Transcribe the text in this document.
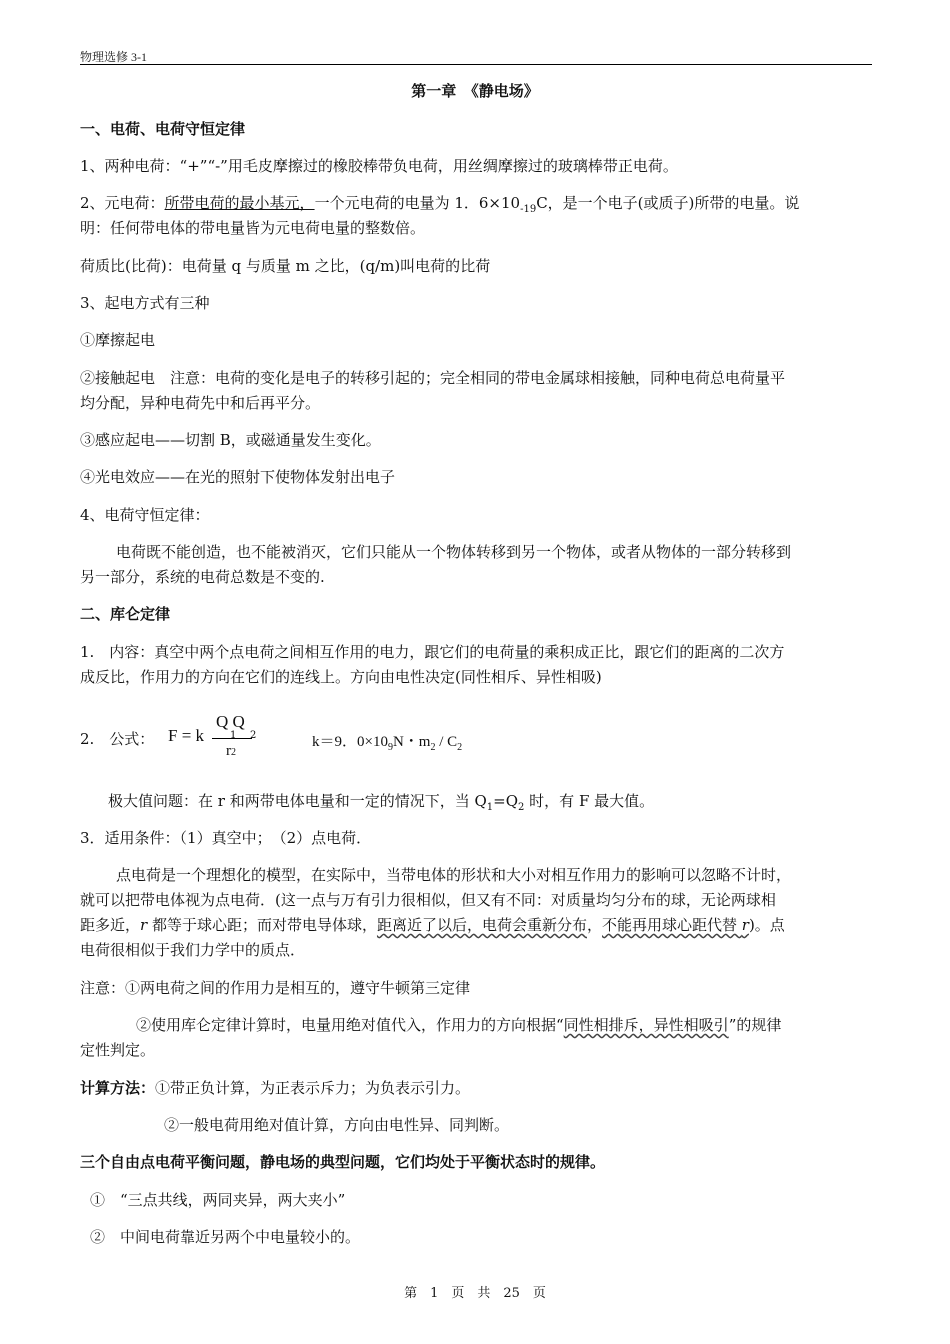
物理选修 3-1
第一章　《静电场》
一、电荷、电荷守恒定律
1、两种电荷：“+”“-”用毛皮摩擦过的橡胶棒带负电荷，用丝绸摩擦过的玻璃棒带正电荷。
2、元电荷：所带电荷的最小基元，一个元电荷的电量为 1．$6\times 10_{-19}C$，是一个电子(或质子)所带的电量。说
明：任何带电体的带电量皆为元电荷电量的整数倍。
荷质比(比荷)：电荷量 q 与质量 m 之比，(q/m)叫电荷的比荷
3、起电方式有三种
①摩擦起电
②接触起电　注意：电荷的变化是电子的转移引起的；完全相同的带电金属球相接触，同种电荷总电荷量平
均分配，异种电荷先中和后再平分。
③感应起电——切割 B，或磁通量发生变化。
④光电效应——在光的照射下使物体发射出电子
4、电荷守恒定律：
电荷既不能创造，也不能被消灭，它们只能从一个物体转移到另一个物体，或者从物体的一部分转移到
另一部分，系统的电荷总数是不变的.
二、库仑定律
1.　内容：真空中两个点电荷之间相互作用的电力，跟它们的电荷量的乘积成正比，跟它们的距离的二次方
成反比，作用力的方向在它们的连线上。方向由电性决定(同性相斥、异性相吸)
2.　公式： F = k
Q Q
1 2
r2
k＝9．$0\times 10_9N$・$m_2 / C_2$
极大值问题：在 r 和两带电体电量和一定的情况下，当 $Q_1=Q_2$ 时，有 F 最大值。
3．适用条件：（1）真空中；　（2）点电荷．
点电荷是一个理想化的模型，在实际中，当带电体的形状和大小对相互作用力的影响可以忽略不计时，
就可以把带电体视为点电荷．(这一点与万有引力很相似，但又有不同：对质量均匀分布的球，无论两球相
距多近，r 都等于球心距；而对带电导体球，距离近了以后，电荷会重新分布，不能再用球心距代替 r)。点
电荷很相似于我们力学中的质点．
注意：①两电荷之间的作用力是相互的，遵守牛顿第三定律
②使用库仑定律计算时，电量用绝对值代入，作用力的方向根据“同性相排斥，异性相吸引”的规律
定性判定。
计算方法：①带正负计算，为正表示斥力；为负表示引力。
②一般电荷用绝对值计算，方向由电性异、同判断。
三个自由点电荷平衡问题，静电场的典型问题，它们均处于平衡状态时的规律。
①　“三点共线，两同夹异，两大夹小”
②　中间电荷靠近另两个中电量较小的。
第　1　页　共　25　页
